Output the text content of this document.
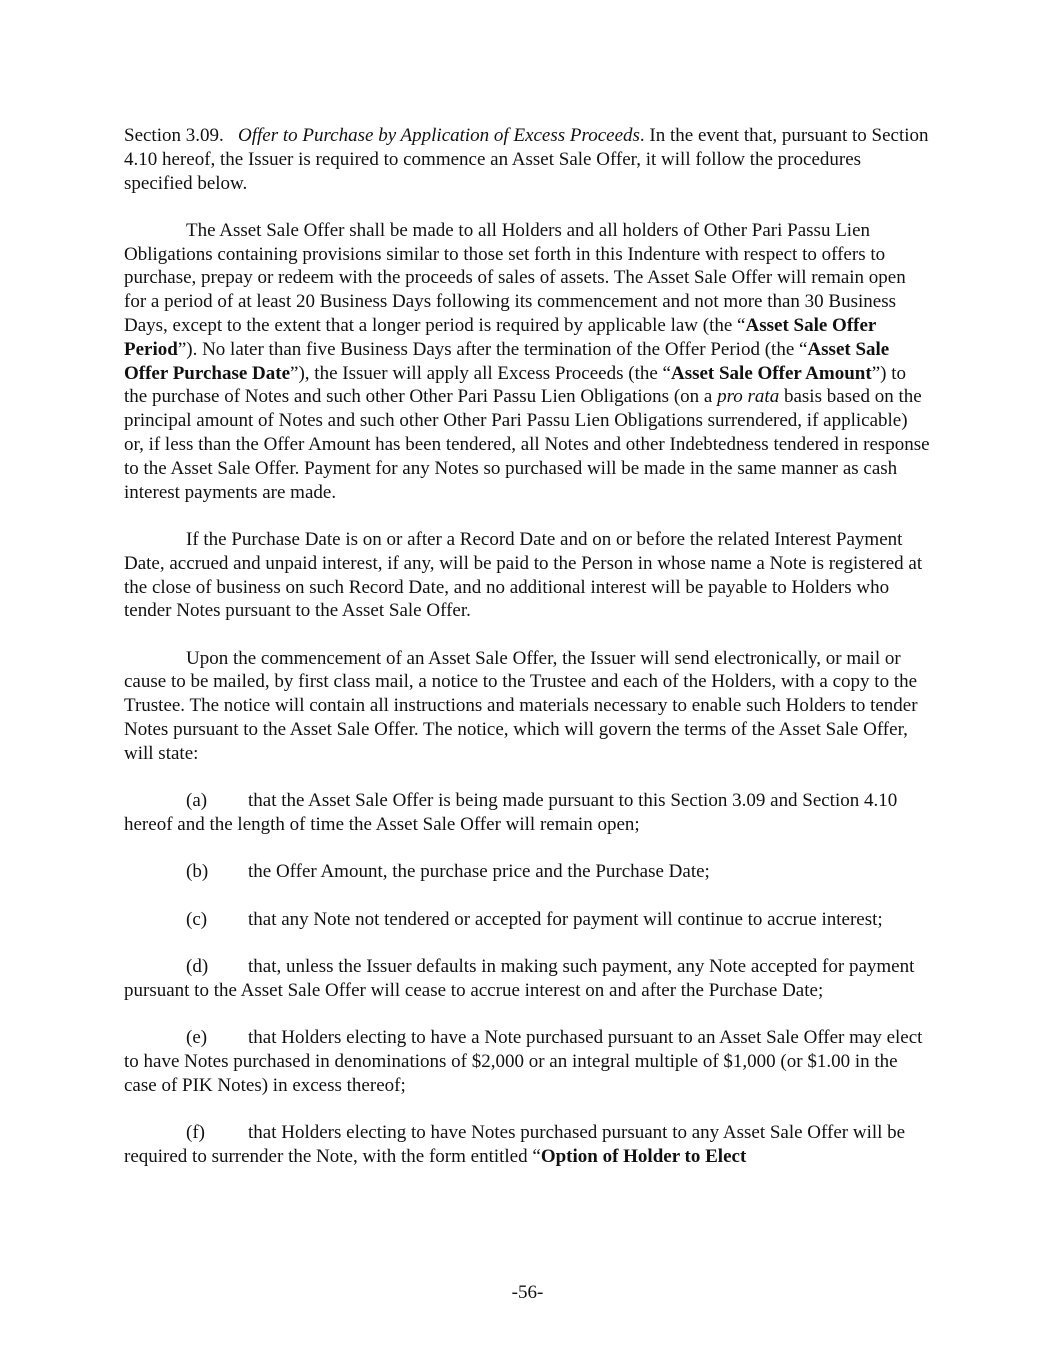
Section 3.09. Offer to Purchase by Application of Excess Proceeds. In the event that, pursuant to Section 4.10 hereof, the Issuer is required to commence an Asset Sale Offer, it will follow the procedures specified below.

The Asset Sale Offer shall be made to all Holders and all holders of Other Pari Passu Lien Obligations containing provisions similar to those set forth in this Indenture with respect to offers to purchase, prepay or redeem with the proceeds of sales of assets. The Asset Sale Offer will remain open for a period of at least 20 Business Days following its commencement and not more than 30 Business Days, except to the extent that a longer period is required by applicable law (the “Asset Sale Offer Period”). No later than five Business Days after the termination of the Offer Period (the “Asset Sale Offer Purchase Date”), the Issuer will apply all Excess Proceeds (the “Asset Sale Offer Amount”) to the purchase of Notes and such other Other Pari Passu Lien Obligations (on a pro rata basis based on the principal amount of Notes and such other Other Pari Passu Lien Obligations surrendered, if applicable) or, if less than the Offer Amount has been tendered, all Notes and other Indebtedness tendered in response to the Asset Sale Offer. Payment for any Notes so purchased will be made in the same manner as cash interest payments are made.

If the Purchase Date is on or after a Record Date and on or before the related Interest Payment Date, accrued and unpaid interest, if any, will be paid to the Person in whose name a Note is registered at the close of business on such Record Date, and no additional interest will be payable to Holders who tender Notes pursuant to the Asset Sale Offer.

Upon the commencement of an Asset Sale Offer, the Issuer will send electronically, or mail or cause to be mailed, by first class mail, a notice to the Trustee and each of the Holders, with a copy to the Trustee. The notice will contain all instructions and materials necessary to enable such Holders to tender Notes pursuant to the Asset Sale Offer. The notice, which will govern the terms of the Asset Sale Offer, will state:

(a) that the Asset Sale Offer is being made pursuant to this Section 3.09 and Section 4.10 hereof and the length of time the Asset Sale Offer will remain open;

(b) the Offer Amount, the purchase price and the Purchase Date;

(c) that any Note not tendered or accepted for payment will continue to accrue interest;

(d) that, unless the Issuer defaults in making such payment, any Note accepted for payment pursuant to the Asset Sale Offer will cease to accrue interest on and after the Purchase Date;

(e) that Holders electing to have a Note purchased pursuant to an Asset Sale Offer may elect to have Notes purchased in denominations of $2,000 or an integral multiple of $1,000 (or $1.00 in the case of PIK Notes) in excess thereof;

(f) that Holders electing to have Notes purchased pursuant to any Asset Sale Offer will be required to surrender the Note, with the form entitled “Option of Holder to Elect

-56-
